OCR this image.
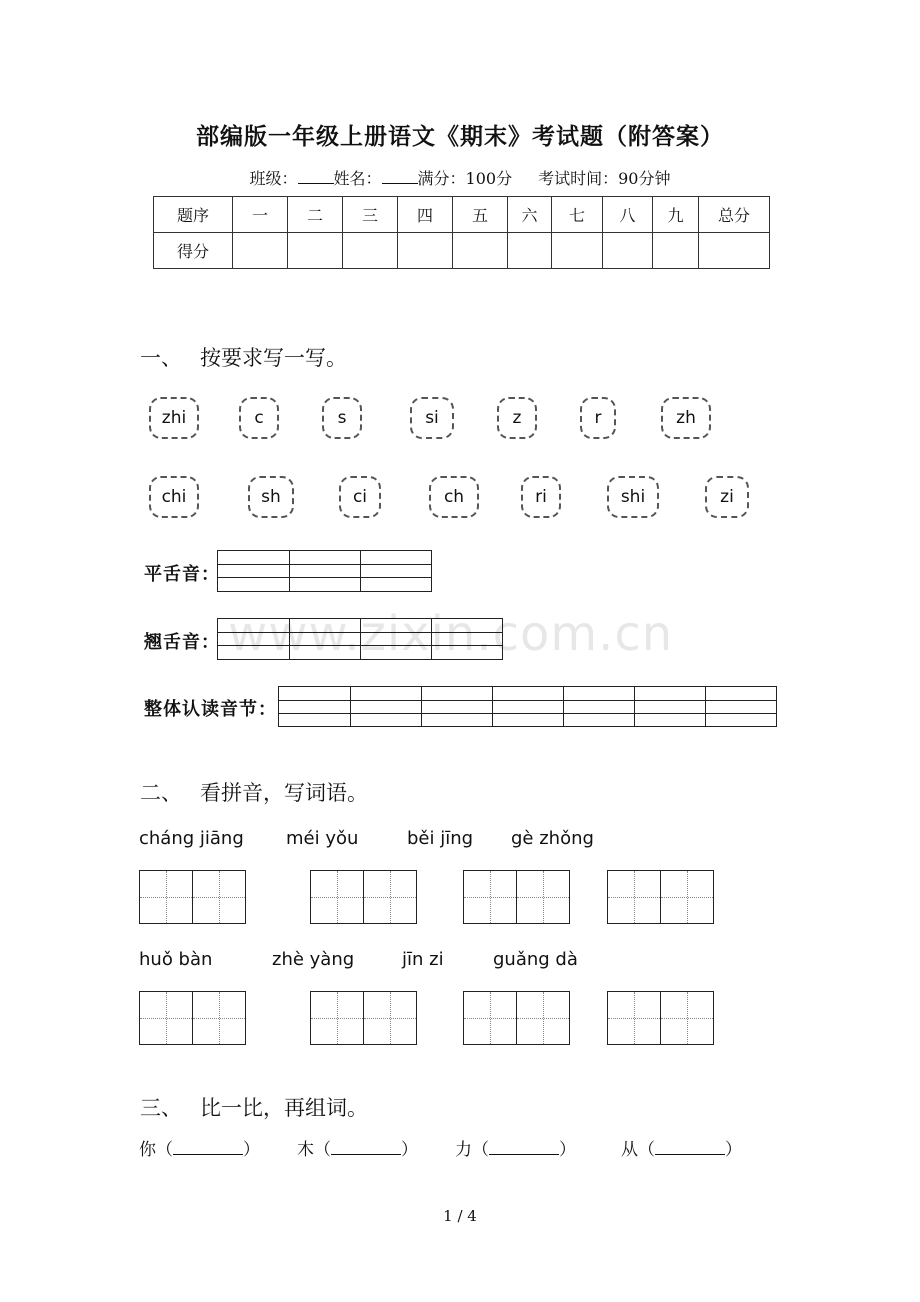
部编版一年级上册语文《期末》考试题（附答案）
班级： 姓名： 满分：100分 考试时间：90分钟
题序	一	二	三	四	五	六	七	八	九	总分
得分										
一、 按要求写一写。
zhi	c	s	si	z	r	zh
chi	sh	ci	ch	ri	shi	zi
平舌音：
翘舌音：
整体认读音节：
www.zixin.com.cn
二、 看拼音，写词语。
cháng jiāng méi yǒu	běi jīng gè zhǒng
huǒ bàn	zhè yàng	jīn zi	guǎng dà
三、 比一比，再组词。
你（	） 木（	） 力（	）	从（	）
1 / 4
